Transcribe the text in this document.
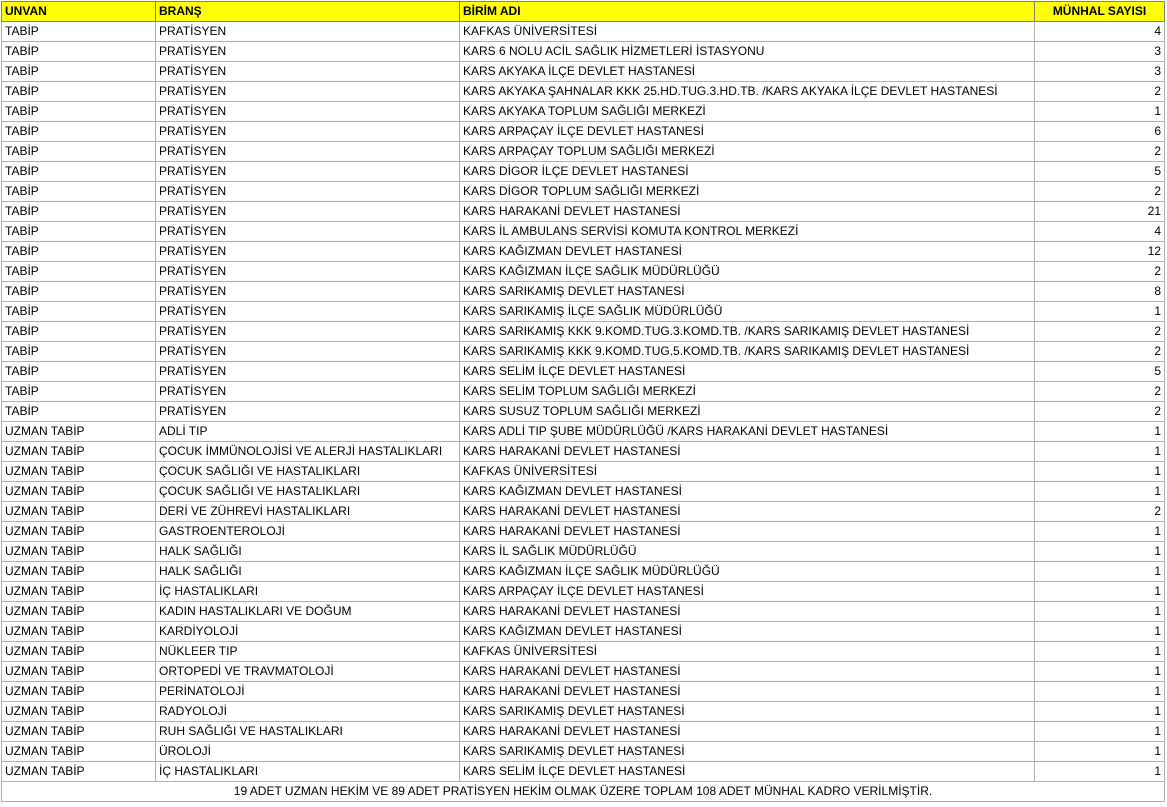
UNVAN	BRANŞ	BİRİM ADI	MÜNHAL SAYISI
TABİP	PRATİSYEN	KAFKAS ÜNİVERSİTESİ	4
TABİP	PRATİSYEN	KARS 6 NOLU ACİL SAĞLIK HİZMETLERİ İSTASYONU	3
TABİP	PRATİSYEN	KARS AKYAKA İLÇE DEVLET HASTANESİ	3
TABİP	PRATİSYEN	KARS AKYAKA ŞAHNALAR KKK 25.HD.TUG.3.HD.TB. /KARS AKYAKA İLÇE DEVLET HASTANESİ	2
TABİP	PRATİSYEN	KARS AKYAKA TOPLUM SAĞLIĞI MERKEZİ	1
TABİP	PRATİSYEN	KARS ARPAÇAY İLÇE DEVLET HASTANESİ	6
TABİP	PRATİSYEN	KARS ARPAÇAY TOPLUM SAĞLIĞI MERKEZİ	2
TABİP	PRATİSYEN	KARS DİGOR İLÇE DEVLET HASTANESİ	5
TABİP	PRATİSYEN	KARS DİGOR TOPLUM SAĞLIĞI MERKEZİ	2
TABİP	PRATİSYEN	KARS HARAKANİ DEVLET HASTANESİ	21
TABİP	PRATİSYEN	KARS İL AMBULANS SERVİSİ KOMUTA KONTROL MERKEZİ	4
TABİP	PRATİSYEN	KARS KAĞIZMAN DEVLET HASTANESİ	12
TABİP	PRATİSYEN	KARS KAĞIZMAN İLÇE SAĞLIK MÜDÜRLÜĞÜ	2
TABİP	PRATİSYEN	KARS SARIKAMIŞ DEVLET HASTANESİ	8
TABİP	PRATİSYEN	KARS SARIKAMIŞ İLÇE SAĞLIK MÜDÜRLÜĞÜ	1
TABİP	PRATİSYEN	KARS SARIKAMIŞ KKK 9.KOMD.TUG.3.KOMD.TB. /KARS SARIKAMIŞ DEVLET HASTANESİ	2
TABİP	PRATİSYEN	KARS SARIKAMIŞ KKK 9.KOMD.TUG.5.KOMD.TB. /KARS SARIKAMIŞ DEVLET HASTANESİ	2
TABİP	PRATİSYEN	KARS SELİM İLÇE DEVLET HASTANESİ	5
TABİP	PRATİSYEN	KARS SELİM TOPLUM SAĞLIĞI MERKEZİ	2
TABİP	PRATİSYEN	KARS SUSUZ TOPLUM SAĞLIĞI MERKEZİ	2
UZMAN TABİP	ADLİ TIP	KARS ADLİ TIP ŞUBE MÜDÜRLÜĞÜ /KARS HARAKANİ DEVLET HASTANESİ	1
UZMAN TABİP	ÇOCUK İMMÜNOLOJİSİ VE ALERJİ HASTALIKLARI	KARS HARAKANİ DEVLET HASTANESİ	1
UZMAN TABİP	ÇOCUK SAĞLIĞI VE HASTALIKLARI	KAFKAS ÜNİVERSİTESİ	1
UZMAN TABİP	ÇOCUK SAĞLIĞI VE HASTALIKLARI	KARS KAĞIZMAN DEVLET HASTANESİ	1
UZMAN TABİP	DERİ VE ZÜHREVİ HASTALIKLARI	KARS HARAKANİ DEVLET HASTANESİ	2
UZMAN TABİP	GASTROENTEROLOJİ	KARS HARAKANİ DEVLET HASTANESİ	1
UZMAN TABİP	HALK SAĞLIĞI	KARS İL SAĞLIK MÜDÜRLÜĞÜ	1
UZMAN TABİP	HALK SAĞLIĞI	KARS KAĞIZMAN İLÇE SAĞLIK MÜDÜRLÜĞÜ	1
UZMAN TABİP	İÇ HASTALIKLARI	KARS ARPAÇAY İLÇE DEVLET HASTANESİ	1
UZMAN TABİP	KADIN HASTALIKLARI VE DOĞUM	KARS HARAKANİ DEVLET HASTANESİ	1
UZMAN TABİP	KARDİYOLOJİ	KARS KAĞIZMAN DEVLET HASTANESİ	1
UZMAN TABİP	NÜKLEER TIP	KAFKAS ÜNİVERSİTESİ	1
UZMAN TABİP	ORTOPEDİ VE TRAVMATOLOJİ	KARS HARAKANİ DEVLET HASTANESİ	1
UZMAN TABİP	PERİNATOLOJİ	KARS HARAKANİ DEVLET HASTANESİ	1
UZMAN TABİP	RADYOLOJİ	KARS SARIKAMIŞ DEVLET HASTANESİ	1
UZMAN TABİP	RUH SAĞLIĞI VE HASTALIKLARI	KARS HARAKANİ DEVLET HASTANESİ	1
UZMAN TABİP	ÜROLOJİ	KARS SARIKAMIŞ DEVLET HASTANESİ	1
UZMAN TABİP	İÇ HASTALIKLARI	KARS SELİM İLÇE DEVLET HASTANESİ	1
19 ADET UZMAN HEKİM VE 89 ADET PRATİSYEN HEKİM OLMAK ÜZERE TOPLAM 108 ADET MÜNHAL KADRO VERİLMİŞTİR.			
